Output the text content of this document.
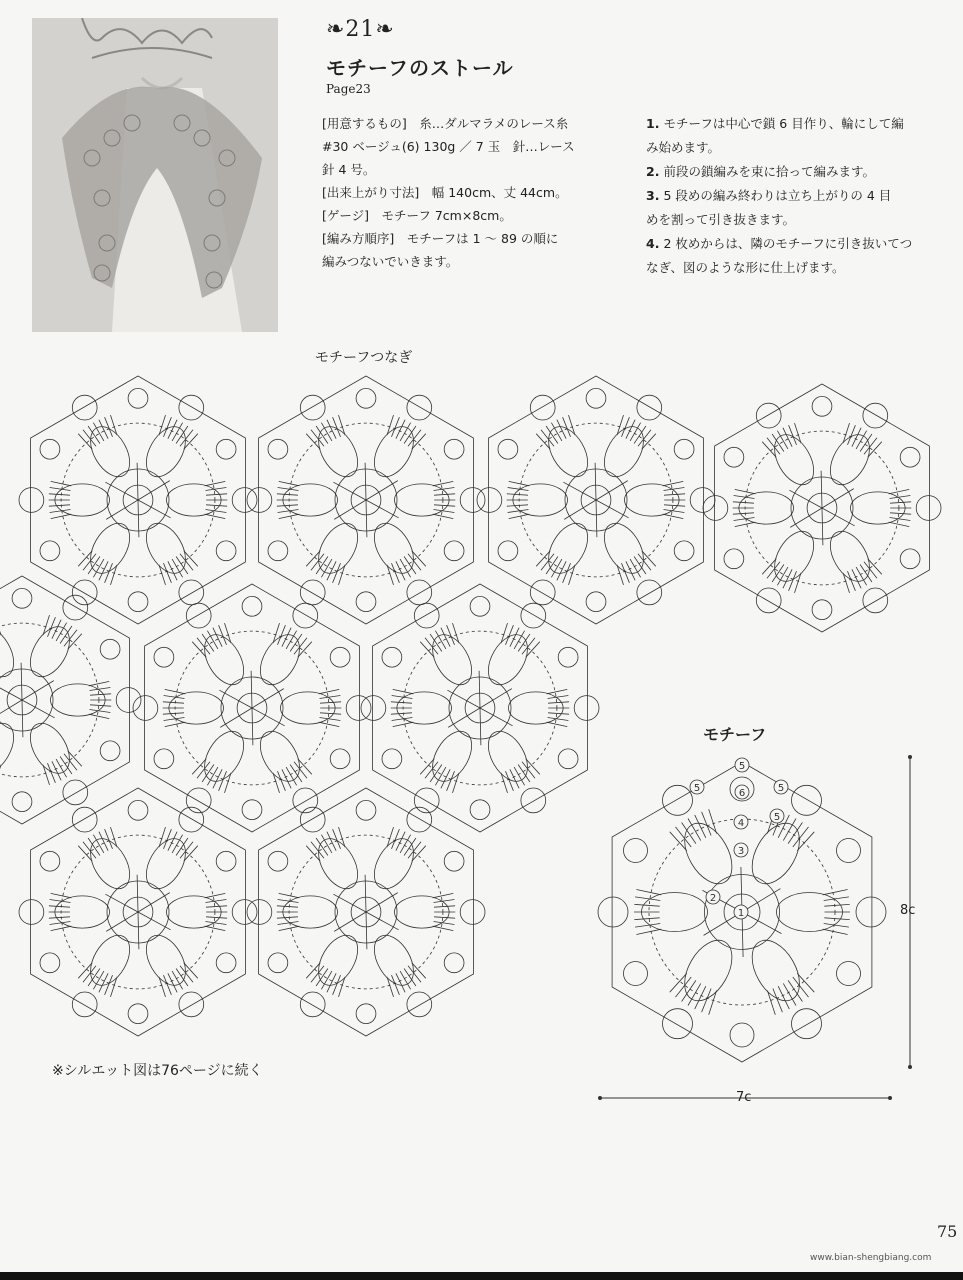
❧21❧
モチーフのストール
Page23

[用意するもの]　糸…ダルマラメのレース糸

#30 ベージュ(6) 130g ／ 7 玉　針…レース

針 4 号。

[出来上がり寸法]　幅 140cm、丈 44cm。

[ゲージ]　モチーフ 7cm×8cm。

[編み方順序]　モチーフは 1 ～ 89 の順に

編みつないでいきます。

1. モチーフは中心で鎖 6 目作り、輪にして編

み始めます。

2. 前段の鎖編みを束に拾って編みます。

3. 5 段めの編み終わりは立ち上がりの 4 目

めを割って引き抜きます。

4. 2 枚めからは、隣のモチーフに引き抜いてつ

なぎ、図のような形に仕上げます。

モチーフつなぎ
5
5	6	5
4
5
3
2
1
モチーフ
8c
7c
※シルエット図は76ページに続く
75
www.bian-shengbiang.com
